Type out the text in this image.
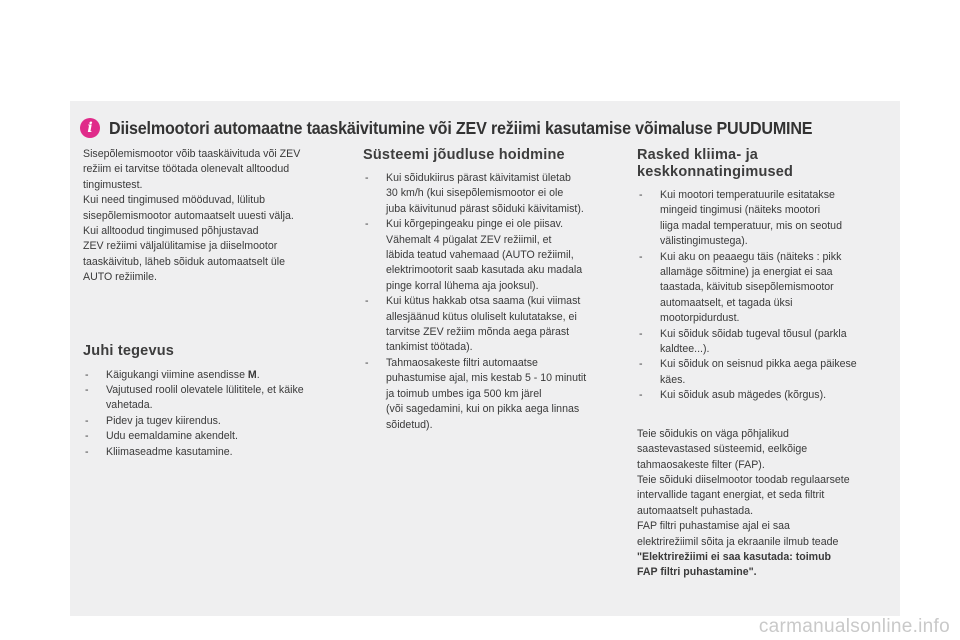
i Diiselmootori automaatne taaskäivitumine või ZEV režiimi kasutamise võimaluse PUUDUMINE

Sisepõlemismootor võib taaskäivituda või ZEV
režiim ei tarvitse töötada olenevalt alltoodud
tingimustest.
Kui need tingimused mööduvad, lülitub
sisepõlemismootor automaatselt uuesti välja.
Kui alltoodud tingimused põhjustavad
ZEV režiimi väljalülitamise ja diiselmootor
taaskäivitub, läheb sõiduk automaatselt üle
AUTO režiimile.

Juhi tegevus
- Käigukangi viimine asendisse M.
- Vajutused roolil olevatele lülititele, et käike
vahetada.
- Pidev ja tugev kiirendus.
- Udu eemaldamine akendelt.
- Kliimaseadme kasutamine.
Süsteemi jõudluse hoidmine
- Kui sõidukiirus pärast käivitamist ületab
30 km/h (kui sisepõlemismootor ei ole
juba käivitunud pärast sõiduki käivitamist).
- Kui kõrgepingeaku pinge ei ole piisav.
Vähemalt 4 pügalat ZEV režiimil, et
läbida teatud vahemaad (AUTO režiimil,
elektrimootorit saab kasutada aku madala
pinge korral lühema aja jooksul).
- Kui kütus hakkab otsa saama (kui viimast
allesjäänud kütus oluliselt kulutatakse, ei
tarvitse ZEV režiim mõnda aega pärast
tankimist töötada).
- Tahmaosakeste filtri automaatse
puhastumise ajal, mis kestab 5 - 10 minutit
ja toimub umbes iga 500 km järel
(või sagedamini, kui on pikka aega linnas
sõidetud).
Rasked kliima- ja
keskkonnatingimused
- Kui mootori temperatuurile esitatakse
mingeid tingimusi (näiteks mootori
liiga madal temperatuur, mis on seotud
välistingimustega).
- Kui aku on peaaegu täis (näiteks : pikk
allamäge sõitmine) ja energiat ei saa
taastada, käivitub sisepõlemismootor
automaatselt, et tagada üksi
mootorpidurdust.
- Kui sõiduk sõidab tugeval tõusul (parkla
kaldtee...).
- Kui sõiduk on seisnud pikka aega päikese
käes.
- Kui sõiduk asub mägedes (kõrgus).

Teie sõidukis on väga põhjalikud
saastevastased süsteemid, eelkõige
tahmaosakeste filter (FAP).
Teie sõiduki diiselmootor toodab regulaarsete
intervallide tagant energiat, et seda filtrit
automaatselt puhastada.
FAP filtri puhastamise ajal ei saa
elektrirežiimil sõita ja ekraanile ilmub teade
"Elektrirežiimi ei saa kasutada: toimub
FAP filtri puhastamine".

carmanualsonline.info
